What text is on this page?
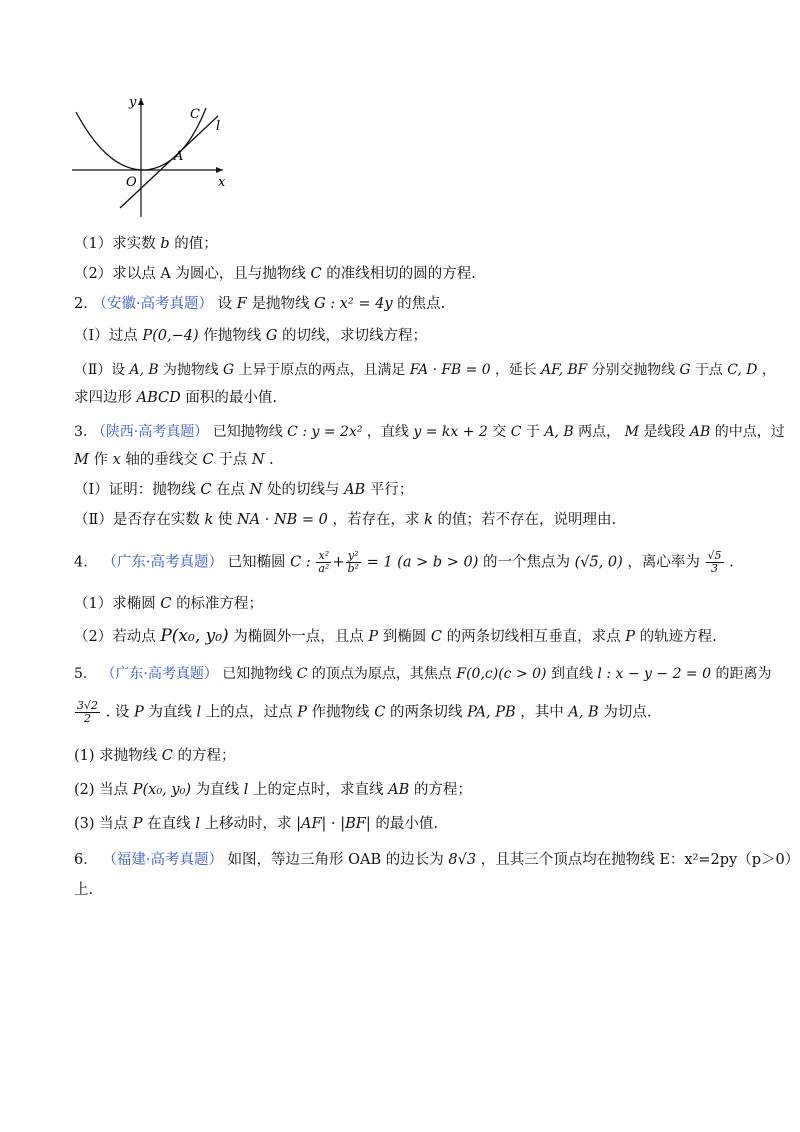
y
x
O
C
l
A
（1）求实数 b 的值；
（2）求以点 A 为圆心，且与抛物线 C 的准线相切的圆的方程.
2. （安徽·高考真题） 设 F 是抛物线 G : x² = 4y 的焦点.
（Ⅰ）过点 P(0,−4) 作抛物线 G 的切线，求切线方程；
（Ⅱ）设 A, B 为抛物线 G 上异于原点的两点，且满足 FA · FB = 0 ，延长 AF, BF 分别交抛物线 G 于点 C, D ，
求四边形 ABCD 面积的最小值.
3. （陕西·高考真题） 已知抛物线 C : y = 2x² ，直线 y = kx + 2 交 C 于 A, B 两点， M 是线段 AB 的中点，过
M 作 x 轴的垂线交 C 于点 N .
（Ⅰ）证明：抛物线 C 在点 N 处的切线与 AB 平行；
（Ⅱ）是否存在实数 k 使 NA · NB = 0 ，若存在，求 k 的值；若不存在，说明理由.
4． （广东·高考真题） 已知椭圆 C : $\frac{\text{x²}}{\text{a²}} + \frac{\text{y²}}{\text{b²}} = 1$ (a > b > 0) 的一个焦点为 (√5, 0) ，离心率为 $\frac{√5}{3}$ .
（1）求椭圆 C 的标准方程；
（2）若动点 P(x₀, y₀) 为椭圆外一点，且点 P 到椭圆 C 的两条切线相互垂直，求点 P 的轨迹方程.
5． （广东·高考真题） 已知抛物线 C 的顶点为原点，其焦点 F(0,c)(c > 0) 到直线 l : x − y − 2 = 0 的距离为
$\frac{3√2}{2}$ . 设 P 为直线 l 上的点，过点 P 作抛物线 C 的两条切线 PA, PB ，其中 A, B 为切点.
(1) 求抛物线 C 的方程；
(2) 当点 P(x₀, y₀) 为直线 l 上的定点时，求直线 AB 的方程；
(3) 当点 P 在直线 l 上移动时，求 |AF| · |BF| 的最小值.
6． （福建·高考真题） 如图，等边三角形 OAB 的边长为 8√3 ，且其三个顶点均在抛物线 E：x²=2py（p＞0）
上.
